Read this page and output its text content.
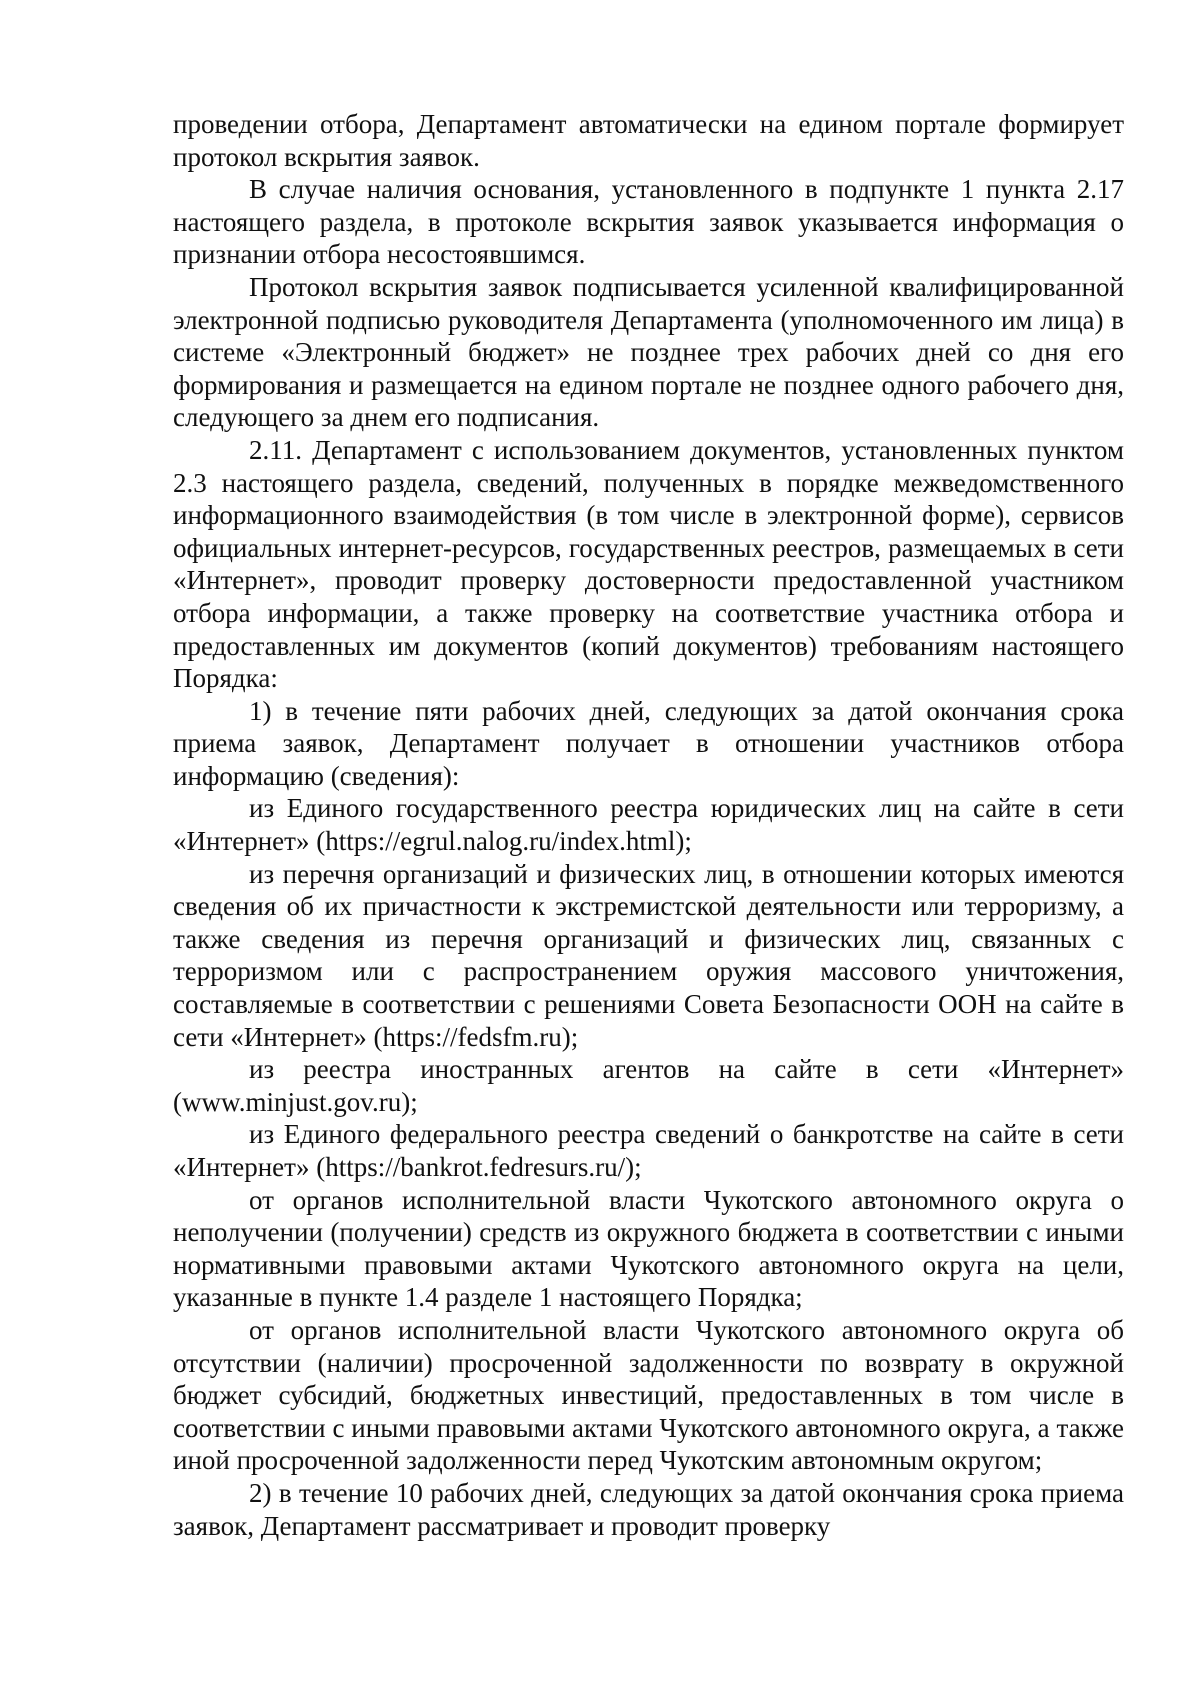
проведении отбора, Департамент автоматически на едином портале формирует протокол вскрытия заявок.

В случае наличия основания, установленного в подпункте 1 пункта 2.17 настоящего раздела, в протоколе вскрытия заявок указывается информация о признании отбора несостоявшимся.

Протокол вскрытия заявок подписывается усиленной квалифицированной электронной подписью руководителя Департамента (уполномоченного им лица) в системе «Электронный бюджет» не позднее трех рабочих дней со дня его формирования и размещается на едином портале не позднее одного рабочего дня, следующего за днем его подписания.

2.11. Департамент с использованием документов, установленных пунктом 2.3 настоящего раздела, сведений, полученных в порядке межведомственного информационного взаимодействия (в том числе в электронной форме), сервисов официальных интернет-ресурсов, государственных реестров, размещаемых в сети «Интернет», проводит проверку достоверности предоставленной участником отбора информации, а также проверку на соответствие участника отбора и предоставленных им документов (копий документов) требованиям настоящего Порядка:

1) в течение пяти рабочих дней, следующих за датой окончания срока приема заявок, Департамент получает в отношении участников отбора информацию (сведения):

из Единого государственного реестра юридических лиц на сайте в сети «Интернет» (https://egrul.nalog.ru/index.html);

из перечня организаций и физических лиц, в отношении которых имеются сведения об их причастности к экстремистской деятельности или терроризму, а также сведения из перечня организаций и физических лиц, связанных с терроризмом или с распространением оружия массового уничтожения, составляемые в соответствии с решениями Совета Безопасности ООН на сайте в сети «Интернет» (https://fedsfm.ru);

из реестра иностранных агентов на сайте в сети «Интернет» (www.minjust.gov.ru);

из Единого федерального реестра сведений о банкротстве на сайте в сети «Интернет» (https://bankrot.fedresurs.ru/);

от органов исполнительной власти Чукотского автономного округа о неполучении (получении) средств из окружного бюджета в соответствии с иными нормативными правовыми актами Чукотского автономного округа на цели, указанные в пункте 1.4 разделе 1 настоящего Порядка;

от органов исполнительной власти Чукотского автономного округа об отсутствии (наличии) просроченной задолженности по возврату в окружной бюджет субсидий, бюджетных инвестиций, предоставленных в том числе в соответствии с иными правовыми актами Чукотского автономного округа, а также иной просроченной задолженности перед Чукотским автономным округом;

2) в течение 10 рабочих дней, следующих за датой окончания срока приема заявок, Департамент рассматривает и проводит проверку
